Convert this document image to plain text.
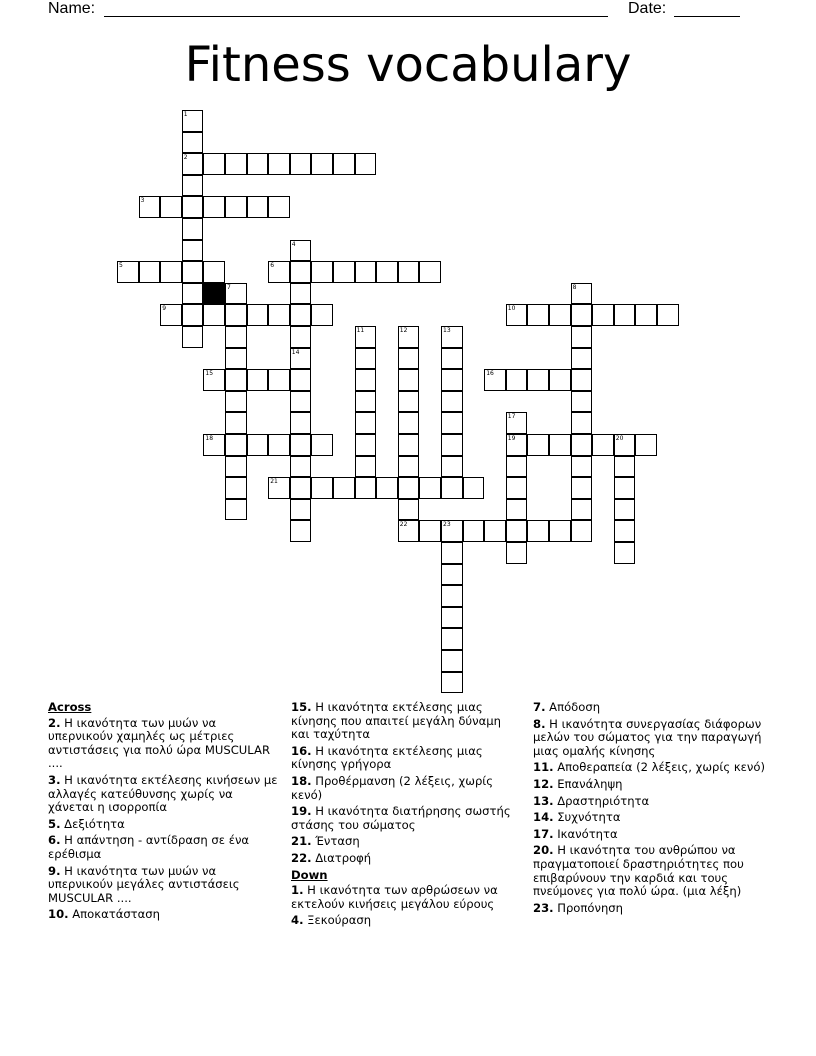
Name:	Date:
Fitness vocabulary
1
2
3
4
14
5	6
7	8
9	10
11	12
22
13
15	16
17
19
18	20
21
23
Across
2. Η ικανότητα των μυών να υπερνικούν χαμηλές ως μέτριες αντιστάσεις για πολύ ώρα MUSCULAR ....
3. Η ικανότητα εκτέλεσης κινήσεων με αλλαγές κατεύθυνσης χωρίς να χάνεται η ισορροπία
5. Δεξιότητα
6. Η απάντηση - αντίδραση σε ένα ερέθισμα
9. Η ικανότητα των μυών να υπερνικούν μεγάλες αντιστάσεις MUSCULAR ....
10. Αποκατάσταση
15. Η ικανότητα εκτέλεσης μιας κίνησης που απαιτεί μεγάλη δύναμη και ταχύτητα
16. Η ικανότητα εκτέλεσης μιας κίνησης γρήγορα
18. Προθέρμανση (2 λέξεις, χωρίς κενό)
19. Η ικανότητα διατήρησης σωστής στάσης του σώματος
21. Ένταση
22. Διατροφή
Down
1. Η ικανότητα των αρθρώσεων να εκτελούν κινήσεις μεγάλου εύρους
4. Ξεκούραση
7. Απόδοση
8. Η ικανότητα συνεργασίας διάφορων μελών του σώματος για την παραγωγή μιας ομαλής κίνησης
11. Αποθεραπεία (2 λέξεις, χωρίς κενό)
12. Επανάληψη
13. Δραστηριότητα
14. Συχνότητα
17. Ικανότητα
20. Η ικανότητα του ανθρώπου να πραγματοποιεί δραστηριότητες που επιβαρύνουν την καρδιά και τους πνεύμονες για πολύ ώρα. (μια λέξη)
23. Προπόνηση
